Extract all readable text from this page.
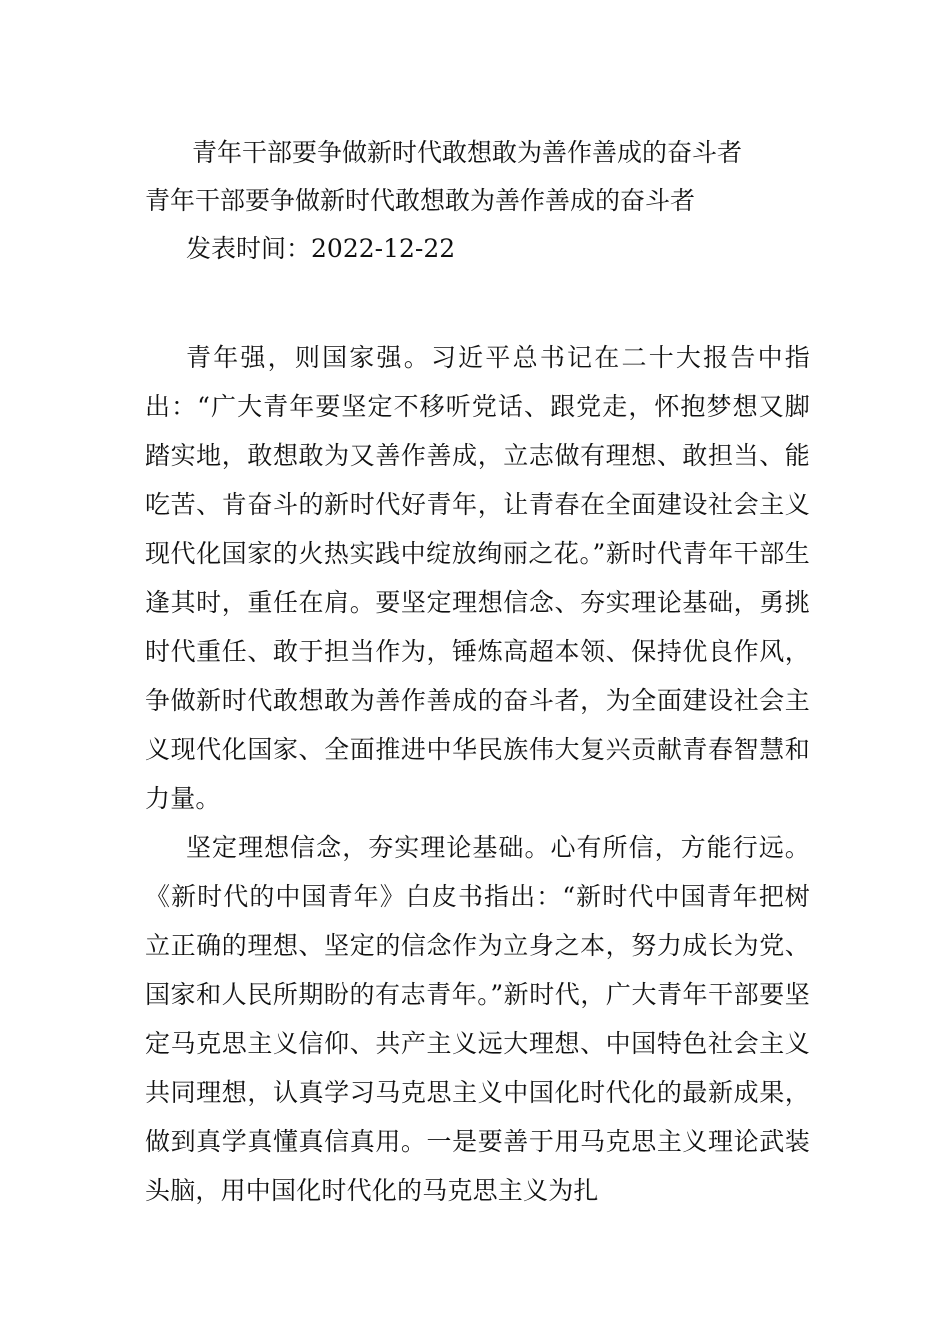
青年干部要争做新时代敢想敢为善作善成的奋斗者
青年干部要争做新时代敢想敢为善作善成的奋斗者
发表时间：2022-12-22

青年强，则国家强。习近平总书记在二十大报告中指出：“广大青年要坚定不移听党话、跟党走，怀抱梦想又脚踏实地，敢想敢为又善作善成，立志做有理想、敢担当、能吃苦、肯奋斗的新时代好青年，让青春在全面建设社会主义现代化国家的火热实践中绽放绚丽之花。”新时代青年干部生逢其时，重任在肩。要坚定理想信念、夯实理论基础，勇挑时代重任、敢于担当作为，锤炼高超本领、保持优良作风，争做新时代敢想敢为善作善成的奋斗者，为全面建设社会主义现代化国家、全面推进中华民族伟大复兴贡献青春智慧和力量。

坚定理想信念，夯实理论基础。心有所信，方能行远。《新时代的中国青年》白皮书指出：“新时代中国青年把树立正确的理想、坚定的信念作为立身之本，努力成长为党、国家和人民所期盼的有志青年。”新时代，广大青年干部要坚定马克思主义信仰、共产主义远大理想、中国特色社会主义共同理想，认真学习马克思主义中国化时代化的最新成果，做到真学真懂真信真用。一是要善于用马克思主义理论武装头脑，用中国化时代化的马克思主义为扎
